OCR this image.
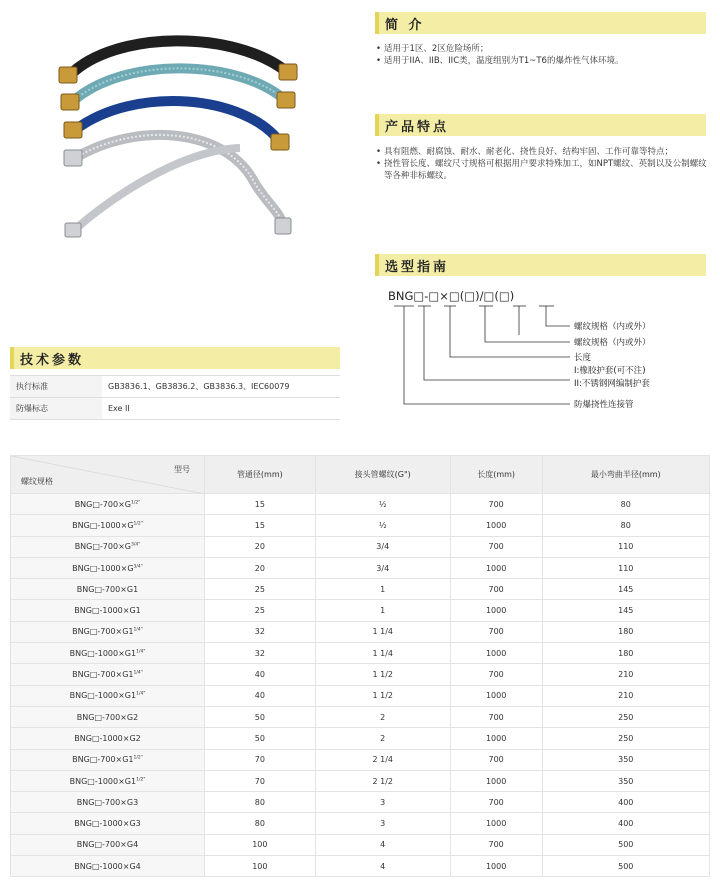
简 介
• 适用于1区、2区危险场所；
• 适用于IIA、IIB、IIC类，温度组别为T1~T6的爆炸性气体环境。
产品特点
• 具有阻燃、耐腐蚀、耐水、耐老化、挠性良好、结构牢固、工作可靠等特点；
• 挠性管长度、螺纹尺寸规格可根据用户要求特殊加工，如NPT螺纹、英制以及公制螺纹等各种非标螺纹。
选型指南
BNG□-□×□(□)/□(□)
螺纹规格（内或外）
螺纹规格（内或外）
长度
I:橡胶护套(可不注)
II:不锈钢网编制护套
防爆挠性连接管
技术参数
执行标准	GB3836.1、GB3836.2、GB3836.3、IEC60079
防爆标志	Exe II
型号
螺纹规格	管通径(mm)	接头管螺纹(G")	长度(mm)	最小弯曲半径(mm)
$BNG□-700\times G^{1/2"}$	15	½	700	80
$BNG□-1000\times G^{1/2"}$	15	½	1000	80
$BNG□-700\times G^{3/4"}$	20	3/4	700	110
$BNG□-1000\times G^{3/4"}$	20	3/4	1000	110
BNG□-700×G1	25	1	700	145
BNG□-1000×G1	25	1	1000	145
$BNG□-700\times G1^{1/4"}$	32	1 1/4	700	180
$BNG□-1000\times G1^{1/4"}$	32	1 1/4	1000	180
$BNG□-700\times G1^{1/4"}$	40	1 1/2	700	210
$BNG□-1000\times G1^{1/4"}$	40	1 1/2	1000	210
BNG□-700×G2	50	2	700	250
BNG□-1000×G2	50	2	1000	250
$BNG□-700\times G1^{1/2"}$	70	2 1/4	700	350
$BNG□-1000\times G1^{1/2"}$	70	2 1/2	1000	350
BNG□-700×G3	80	3	700	400
BNG□-1000×G3	80	3	1000	400
BNG□-700×G4	100	4	700	500
BNG□-1000×G4	100	4	1000	500
